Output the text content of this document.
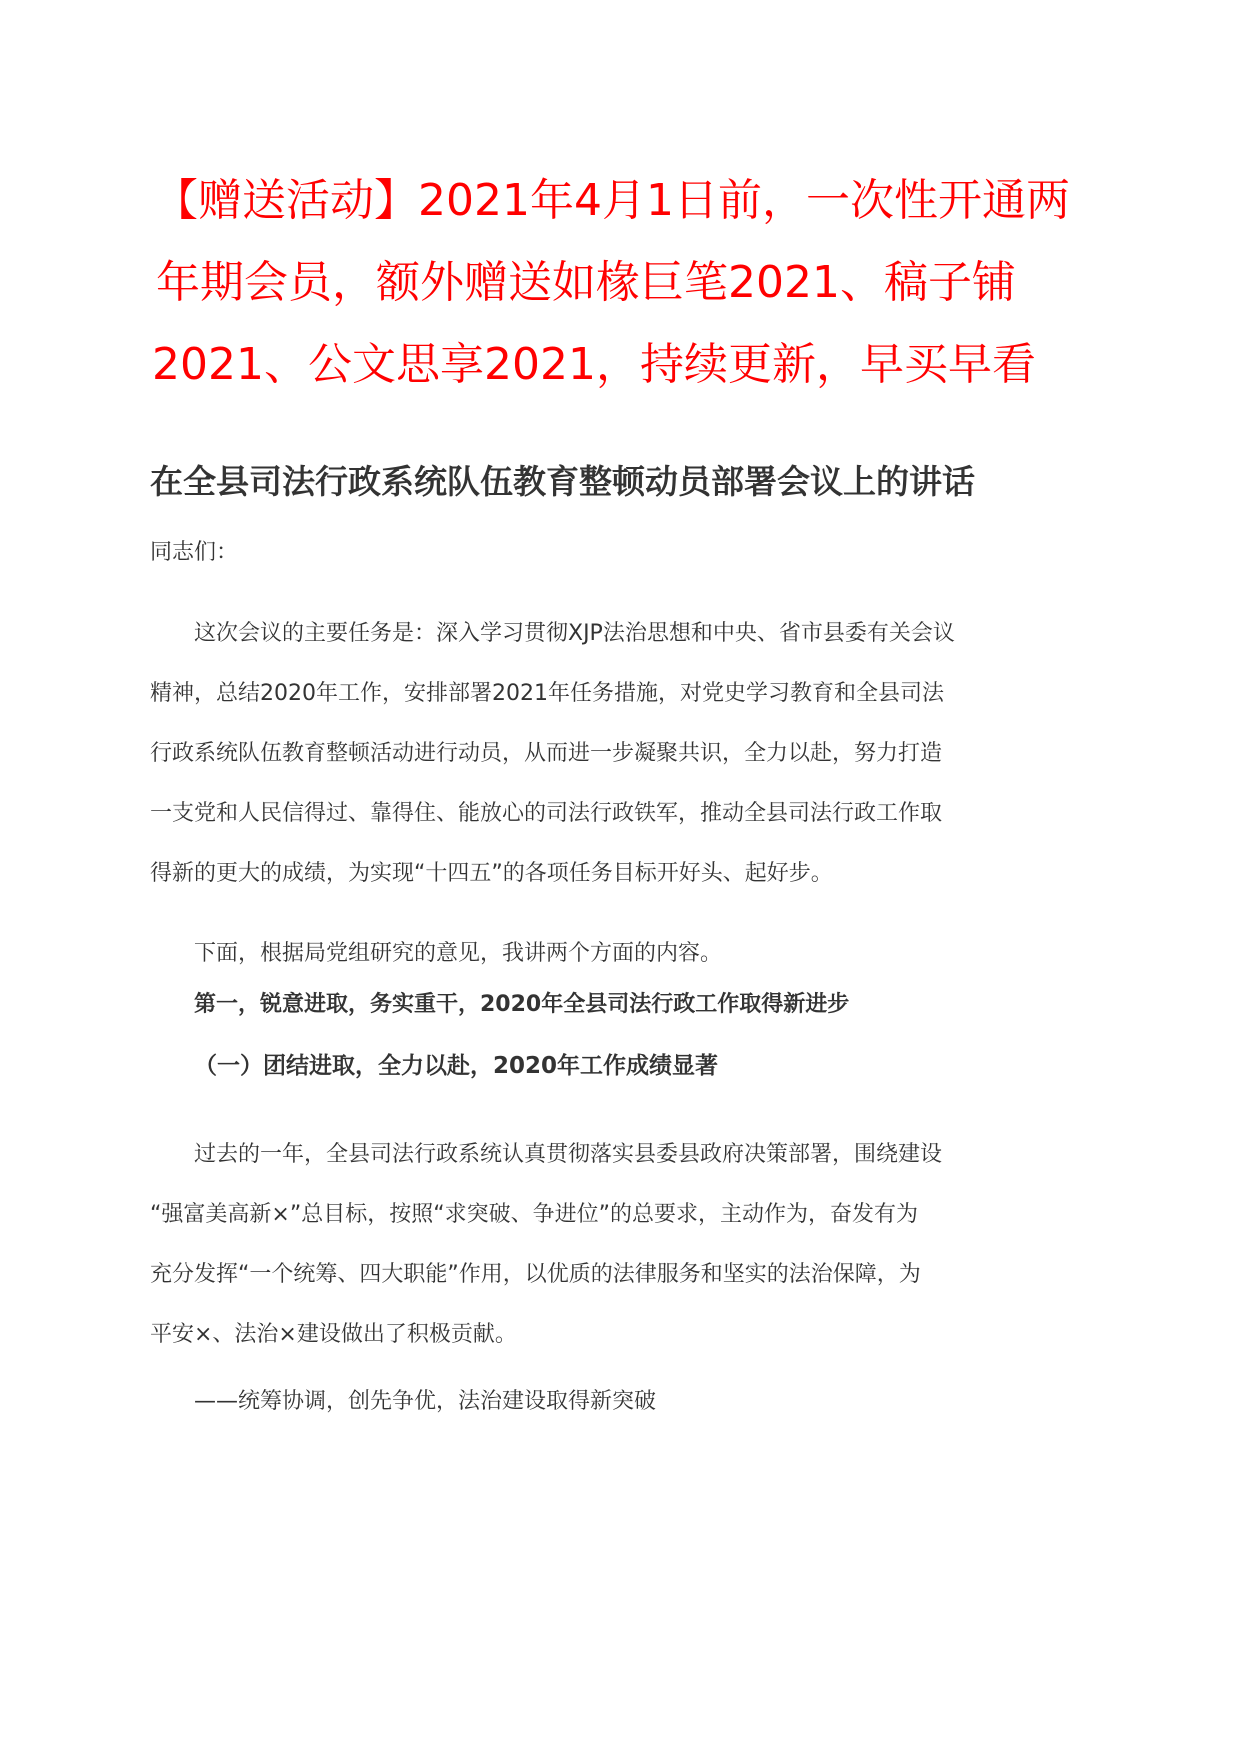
【赠送活动】2021年4月1日前，一次性开通两
年期会员，额外赠送如椽巨笔2021、稿子铺
2021、公文思享2021，持续更新，早买早看
在全县司法行政系统队伍教育整顿动员部署会议上的讲话
同志们：
这次会议的主要任务是：深入学习贯彻XJP法治思想和中央、省市县委有关会议
精神，总结2020年工作，安排部署2021年任务措施，对党史学习教育和全县司法
行政系统队伍教育整顿活动进行动员，从而进一步凝聚共识，全力以赴，努力打造
一支党和人民信得过、靠得住、能放心的司法行政铁军，推动全县司法行政工作取
得新的更大的成绩，为实现“十四五”的各项任务目标开好头、起好步。
下面，根据局党组研究的意见，我讲两个方面的内容。
第一，锐意进取，务实重干，2020年全县司法行政工作取得新进步
（一）团结进取，全力以赴，2020年工作成绩显著
过去的一年，全县司法行政系统认真贯彻落实县委县政府决策部署，围绕建设
“强富美高新×”总目标，按照“求突破、争进位”的总要求，主动作为，奋发有为
充分发挥“一个统筹、四大职能”作用，以优质的法律服务和坚实的法治保障，为
平安×、法治×建设做出了积极贡献。
——统筹协调，创先争优，法治建设取得新突破
